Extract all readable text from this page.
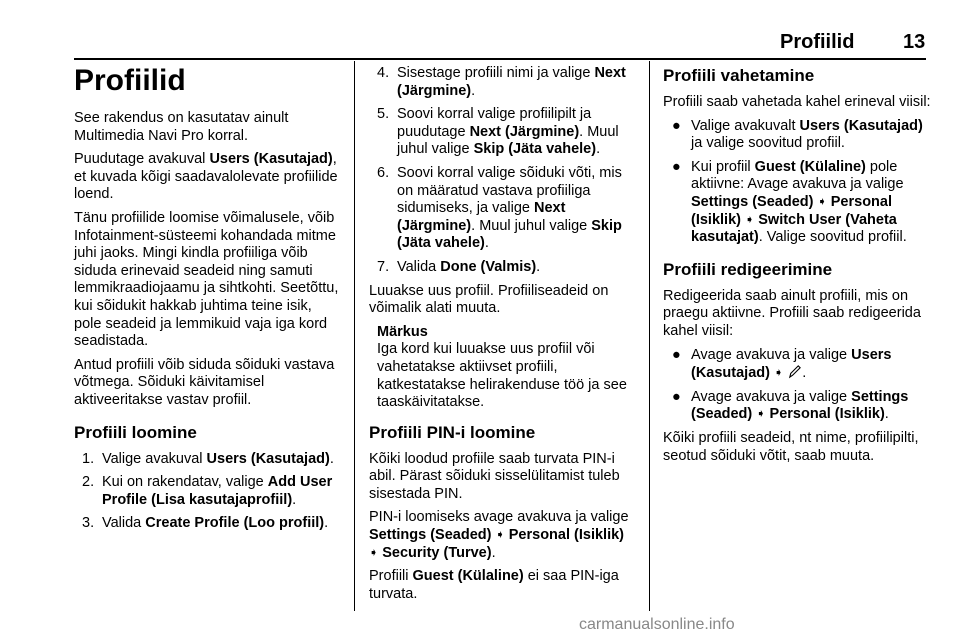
Profiilid 13
Profiilid

See rakendus on kasutatav ainult Multimedia Navi Pro korral.

Puudutage avakuval Users (Kasutajad), et kuvada kõigi saadavalolevate profiilide loend.

Tänu profiilide loomise võimalusele, võib Infotainment-süsteemi kohandada mitme juhi jaoks. Mingi kindla profiiliga võib siduda erinevaid seadeid ning samuti lemmikraadiojaamu ja sihtkohti. Seetõttu, kui sõidukit hakkab juhtima teine isik, pole seadeid ja lemmikuid vaja iga kord seadistada.

Antud profiili võib siduda sõiduki vastava võtmega. Sõiduki käivitamisel aktiveeritakse vastav profiil.

Profiili loomine
1. Valige avakuval Users (Kasutajad).
2. Kui on rakendatav, valige Add User Profile (Lisa kasutajaprofiil).
3. Valida Create Profile (Loo profiil).
4. Sisestage profiili nimi ja valige Next (Järgmine).
5. Soovi korral valige profiilipilt ja puudutage Next (Järgmine). Muul juhul valige Skip (Jäta vahele).
6. Soovi korral valige sõiduki võti, mis on määratud vastava profiiliga sidumiseks, ja valige Next (Järgmine). Muul juhul valige Skip (Jäta vahele).
7. Valida Done (Valmis).

Luuakse uus profiil. Profiiliseadeid on võimalik alati muuta.

Märkus
Iga kord kui luuakse uus profiil või vahetatakse aktiivset profiili, katkestatakse helirakenduse töö ja see taaskäivitatakse.
Profiili PIN-i loomine

Kõiki loodud profiile saab turvata PIN-i abil. Pärast sõiduki sisselülitamist tuleb sisestada PIN.

PIN-i loomiseks avage avakuva ja valige Settings (Seaded) ➧ Personal (Isiklik) ➧ Security (Turve).

Profiili Guest (Külaline) ei saa PIN-iga turvata.

Profiili vahetamine

Profiili saab vahetada kahel erineval viisil:

● Valige avakuvalt Users (Kasutajad) ja valige soovitud profiil.
● Kui profiil Guest (Külaline) pole aktiivne: Avage avakuva ja valige Settings (Seaded) ➧ Personal (Isiklik) ➧ Switch User (Vaheta kasutajat). Valige soovitud profiil.
Profiili redigeerimine

Redigeerida saab ainult profiili, mis on praegu aktiivne. Profiili saab redigeerida kahel viisil:

● Avage avakuva ja valige Users (Kasutajad) ➧ .
● Avage avakuva ja valige Settings (Seaded) ➧ Personal (Isiklik).

Kõiki profiili seadeid, nt nime, profiilipilti, seotud sõiduki võtit, saab muuta.

carmanualsonline.info
